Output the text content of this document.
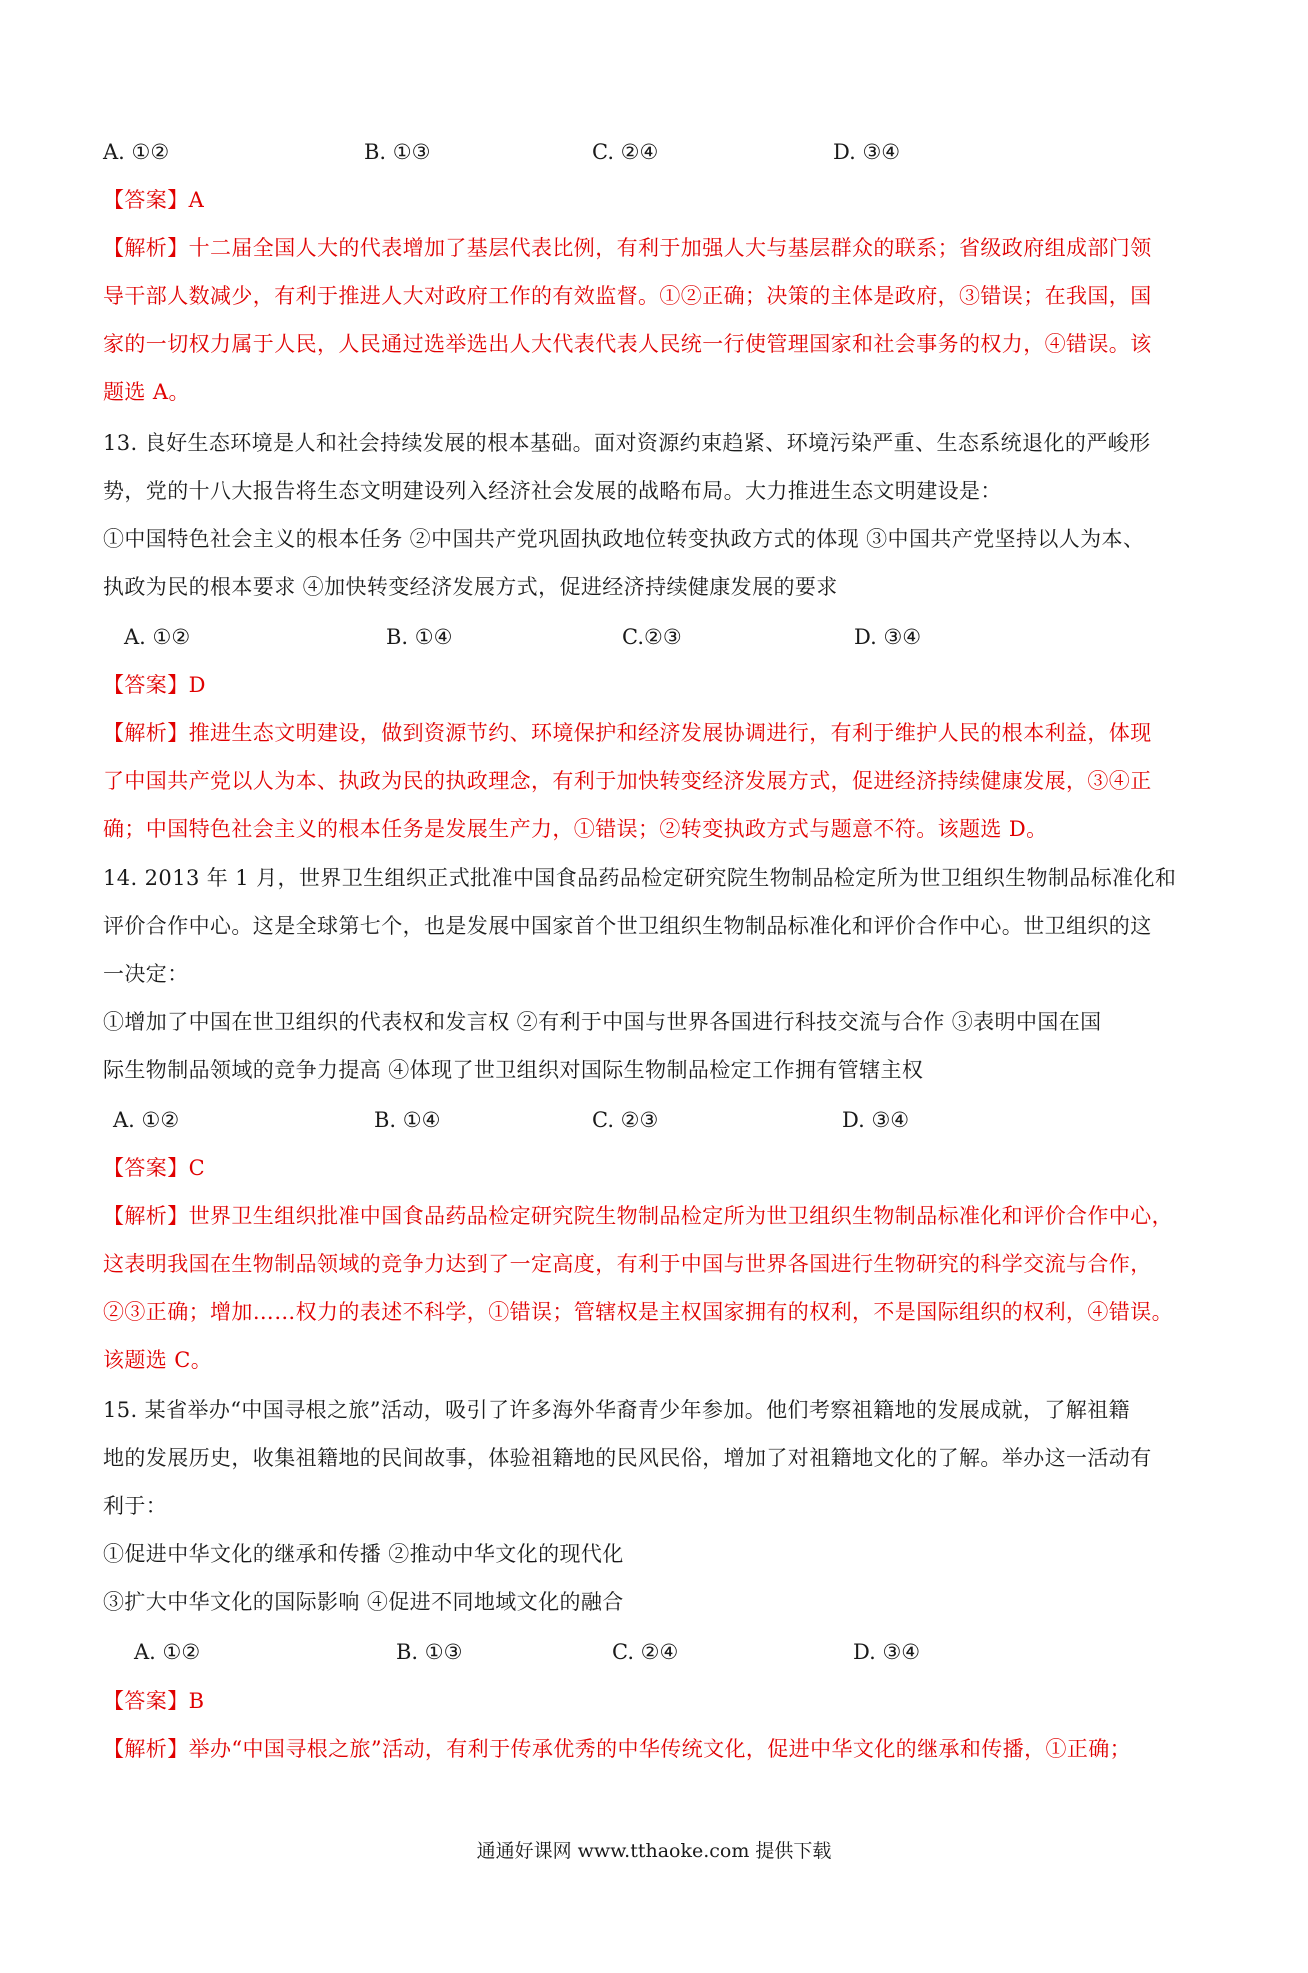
A. ①②	B. ①③	C. ②④	D. ③④
【答案】A
【解析】十二届全国人大的代表增加了基层代表比例，有利于加强人大与基层群众的联系；省级政府组成部门领
导干部人数减少，有利于推进人大对政府工作的有效监督。①②正确；决策的主体是政府，③错误；在我国，国
家的一切权力属于人民，人民通过选举选出人大代表代表人民统一行使管理国家和社会事务的权力，④错误。该
题选 A。
13. 良好生态环境是人和社会持续发展的根本基础。面对资源约束趋紧、环境污染严重、生态系统退化的严峻形
势，党的十八大报告将生态文明建设列入经济社会发展的战略布局。大力推进生态文明建设是：
①中国特色社会主义的根本任务 ②中国共产党巩固执政地位转变执政方式的体现 ③中国共产党坚持以人为本、
执政为民的根本要求 ④加快转变经济发展方式，促进经济持续健康发展的要求
A. ①②	B. ①④	C.②③	D. ③④
【答案】D
【解析】推进生态文明建设，做到资源节约、环境保护和经济发展协调进行，有利于维护人民的根本利益，体现
了中国共产党以人为本、执政为民的执政理念，有利于加快转变经济发展方式，促进经济持续健康发展，③④正
确；中国特色社会主义的根本任务是发展生产力，①错误；②转变执政方式与题意不符。该题选 D。
14. 2013 年 1 月，世界卫生组织正式批准中国食品药品检定研究院生物制品检定所为世卫组织生物制品标准化和
评价合作中心。这是全球第七个，也是发展中国家首个世卫组织生物制品标准化和评价合作中心。世卫组织的这
一决定：
①增加了中国在世卫组织的代表权和发言权 ②有利于中国与世界各国进行科技交流与合作 ③表明中国在国
际生物制品领域的竞争力提高 ④体现了世卫组织对国际生物制品检定工作拥有管辖主权
A. ①②	B. ①④	C. ②③	D. ③④
【答案】C
【解析】世界卫生组织批准中国食品药品检定研究院生物制品检定所为世卫组织生物制品标准化和评价合作中心，
这表明我国在生物制品领域的竞争力达到了一定高度，有利于中国与世界各国进行生物研究的科学交流与合作，
②③正确；增加……权力的表述不科学，①错误；管辖权是主权国家拥有的权利，不是国际组织的权利，④错误。
该题选 C。
15. 某省举办“中国寻根之旅”活动，吸引了许多海外华裔青少年参加。他们考察祖籍地的发展成就，了解祖籍
地的发展历史，收集祖籍地的民间故事，体验祖籍地的民风民俗，增加了对祖籍地文化的了解。举办这一活动有
利于：
①促进中华文化的继承和传播 ②推动中华文化的现代化
③扩大中华文化的国际影响 ④促进不同地域文化的融合
A. ①②	B. ①③	C. ②④	D. ③④
【答案】B
【解析】举办“中国寻根之旅”活动，有利于传承优秀的中华传统文化，促进中华文化的继承和传播，①正确；
通通好课网 www.tthaoke.com 提供下载
